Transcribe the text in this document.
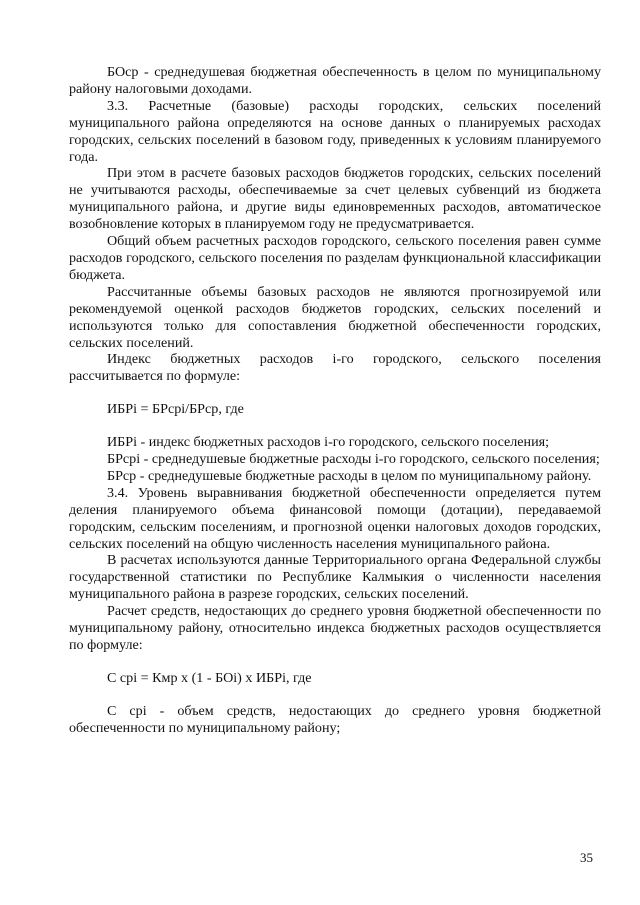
БОср - среднедушевая бюджетная обеспеченность в целом по муниципальному району налоговыми доходами.

3.3. Расчетные (базовые) расходы городских, сельских поселений муниципального района определяются на основе данных о планируемых расходах городских, сельских поселений в базовом году, приведенных к условиям планируемого года.

При этом в расчете базовых расходов бюджетов городских, сельских поселений не учитываются расходы, обеспечиваемые за счет целевых субвенций из бюджета муниципального района, и другие виды единовременных расходов, автоматическое возобновление которых в планируемом году не предусматривается.

Общий объем расчетных расходов городского, сельского поселения равен сумме расходов городского, сельского поселения по разделам функциональной классификации бюджета.

Рассчитанные объемы базовых расходов не являются прогнозируемой или рекомендуемой оценкой расходов бюджетов городских, сельских поселений и используются только для сопоставления бюджетной обеспеченности городских, сельских поселений.

Индекс бюджетных расходов i-го городского, сельского поселения рассчитывается по формуле:

ИБРi = БРсрi/БРср, где

ИБРi - индекс бюджетных расходов i-го городского, сельского поселения;

БРсрi - среднедушевые бюджетные расходы i-го городского, сельского поселения;

БРср - среднедушевые бюджетные расходы в целом по муниципальному району.

3.4. Уровень выравнивания бюджетной обеспеченности определяется путем деления планируемого объема финансовой помощи (дотации), передаваемой городским, сельским поселениям, и прогнозной оценки налоговых доходов городских, сельских поселений на общую численность населения муниципального района.

В расчетах используются данные Территориального органа Федеральной службы государственной статистики по Республике Калмыкия о численности населения муниципального района в разрезе городских, сельских поселений.

Расчет средств, недостающих до среднего уровня бюджетной обеспеченности по муниципальному району, относительно индекса бюджетных расходов осуществляется по формуле:

С срi = Кмр x (1 - БОi) x ИБРi, где

С срi - объем средств, недостающих до среднего уровня бюджетной обеспеченности по муниципальному району;

35
